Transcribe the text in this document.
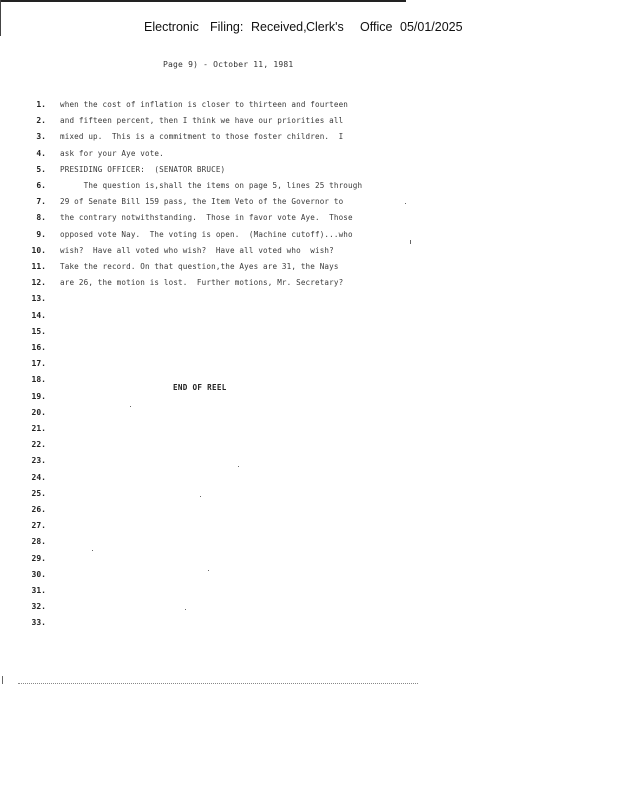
Electronic Filing: Received, Clerk's Office 05/01/2025
Page 9) - October 11, 1981
1. when the cost of inflation is closer to thirteen and fourteen
2. and fifteen percent, then I think we have our priorities all
3. mixed up.  This is a commitment to those foster children.  I
4. ask for your Aye vote.
5. PRESIDING OFFICER:  (SENATOR BRUCE)
6. The question is,shall the items on page 5, lines 25 through
7. 29 of Senate Bill 159 pass, the Item Veto of the Governor to
8. the contrary notwithstanding.  Those in favor vote Aye.  Those
9. opposed vote Nay.  The voting is open.  (Machine cutoff)...who
10. wish?  Have all voted who wish?  Have all voted who  wish?
11. Take the record. On that question,the Ayes are 31, the Nays
12. are 26, the motion is lost.  Further motions, Mr. Secretary?
13.
14.
15.
16.
17.
18.
19.
20.
21.
22.
23.
24.
25.
26.
27.
28.
29.
30.
31.
32.
33.
END OF REEL
